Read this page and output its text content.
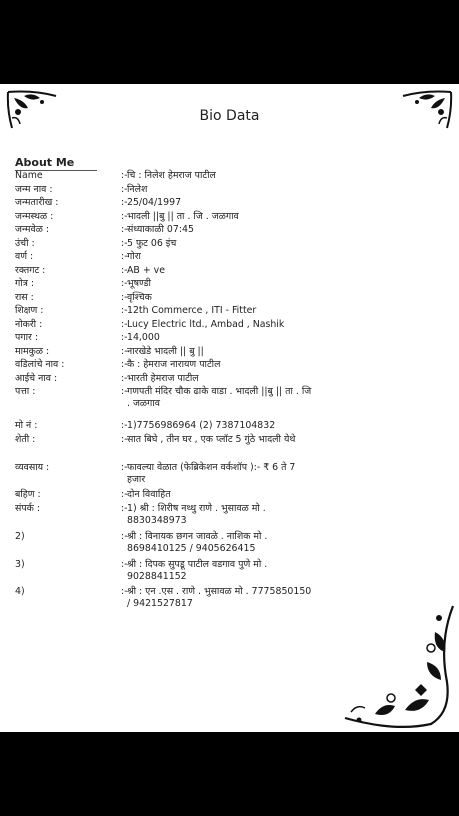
Bio Data
About Me
Name	:- चि : निलेश हेमराज पाटील
जन्म नाव :	:- निलेश
जन्मतारीख :	:- 25/04/1997
जन्मस्थळ :	:- भादली ||बु || ता . जि . जळगाव
जन्मवेळ :	:- संध्याकाळी 07:45
उंची :	:- 5 फुट 06 इंच
वर्ण :	:- गोरा
रक्तगट :	:- AB + ve
गोत्र :	:- भूषण्डी
रास :	:- वृश्चिक
शिक्षण :	:- 12th Commerce , ITI - Fitter
नोकरी :	:- Lucy Electric ltd., Ambad , Nashik
पगार :	:- 14,000
मामकुळ :	:- नारखेडे भादली || बु ||
वडिलांचे नाव :	:- कै : हेमराज नारायण पाटील
आईचे नाव :	:- भारती हेमराज पाटील
पत्ता :	:- गणपती मंदिर चौक ढाके वाडा . भादली ||बु || ता . जि . जळगाव
मो नं :	:- 1)7756986964 (2) 7387104832
शेती :	:- सात बिघे , तीन घर , एक प्लॉट 5 गुंठे भादली येथे
व्यवसाय :	:- फावल्या वेळात (फेब्रिकेशन वर्कशॉप ):- ₹ 6 ते 7 हजार
बहिण :	:- दोन विवाहित
संपर्क :	:- 1) श्री : शिरीष नथ्थु राणे . भुसावळ मो . 8830348973
2)	:- श्री : विनायक छगन जावळे . नाशिक मो . 8698410125 / 9405626415
3)	:- श्री : दिपक सुपडू पाटील वडगाव पुणे मो . 9028841152
4)	:- श्री : एन .एस . राणे . भुसावळ मो . 7775850150 / 9421527817
